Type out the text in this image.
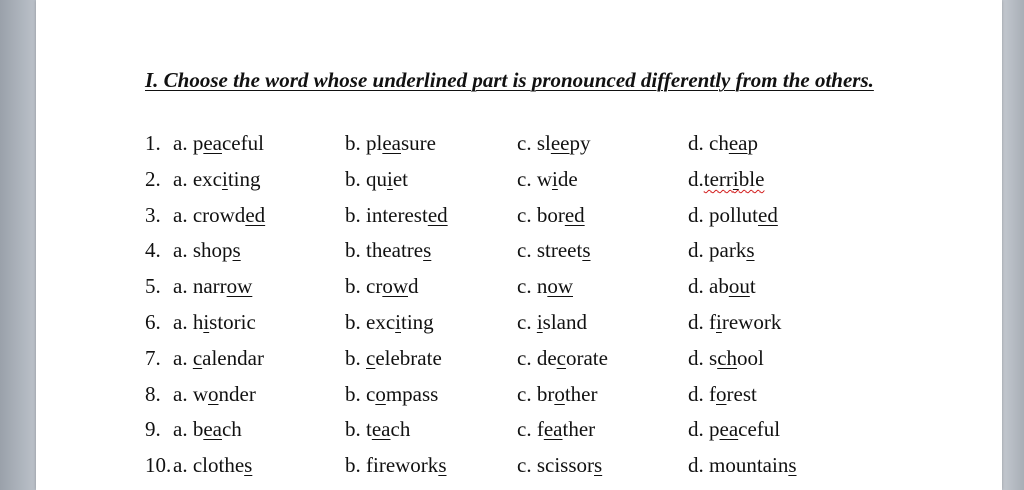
I. Choose the word whose underlined part is pronounced differently from the others.
1. a. peaceful	b. pleasure	c. sleepy	d. cheap
2. a. exciting	b. quiet	c. wide	d.terrible
3. a. crowded	b. interested	c. bored	d. polluted
4. a. shops	b. theatres	c. streets	d. parks
5. a. narrow	b. crowd	c. now	d. about
6. a. historic	b. exciting	c. island	d. firework
7. a. calendar	b. celebrate	c. decorate	d. school
8. a. wonder	b. compass	c. brother	d. forest
9. a. beach	b. teach	c. feather	d. peaceful
10. a. clothes	b. fireworks	c. scissors	d. mountains
